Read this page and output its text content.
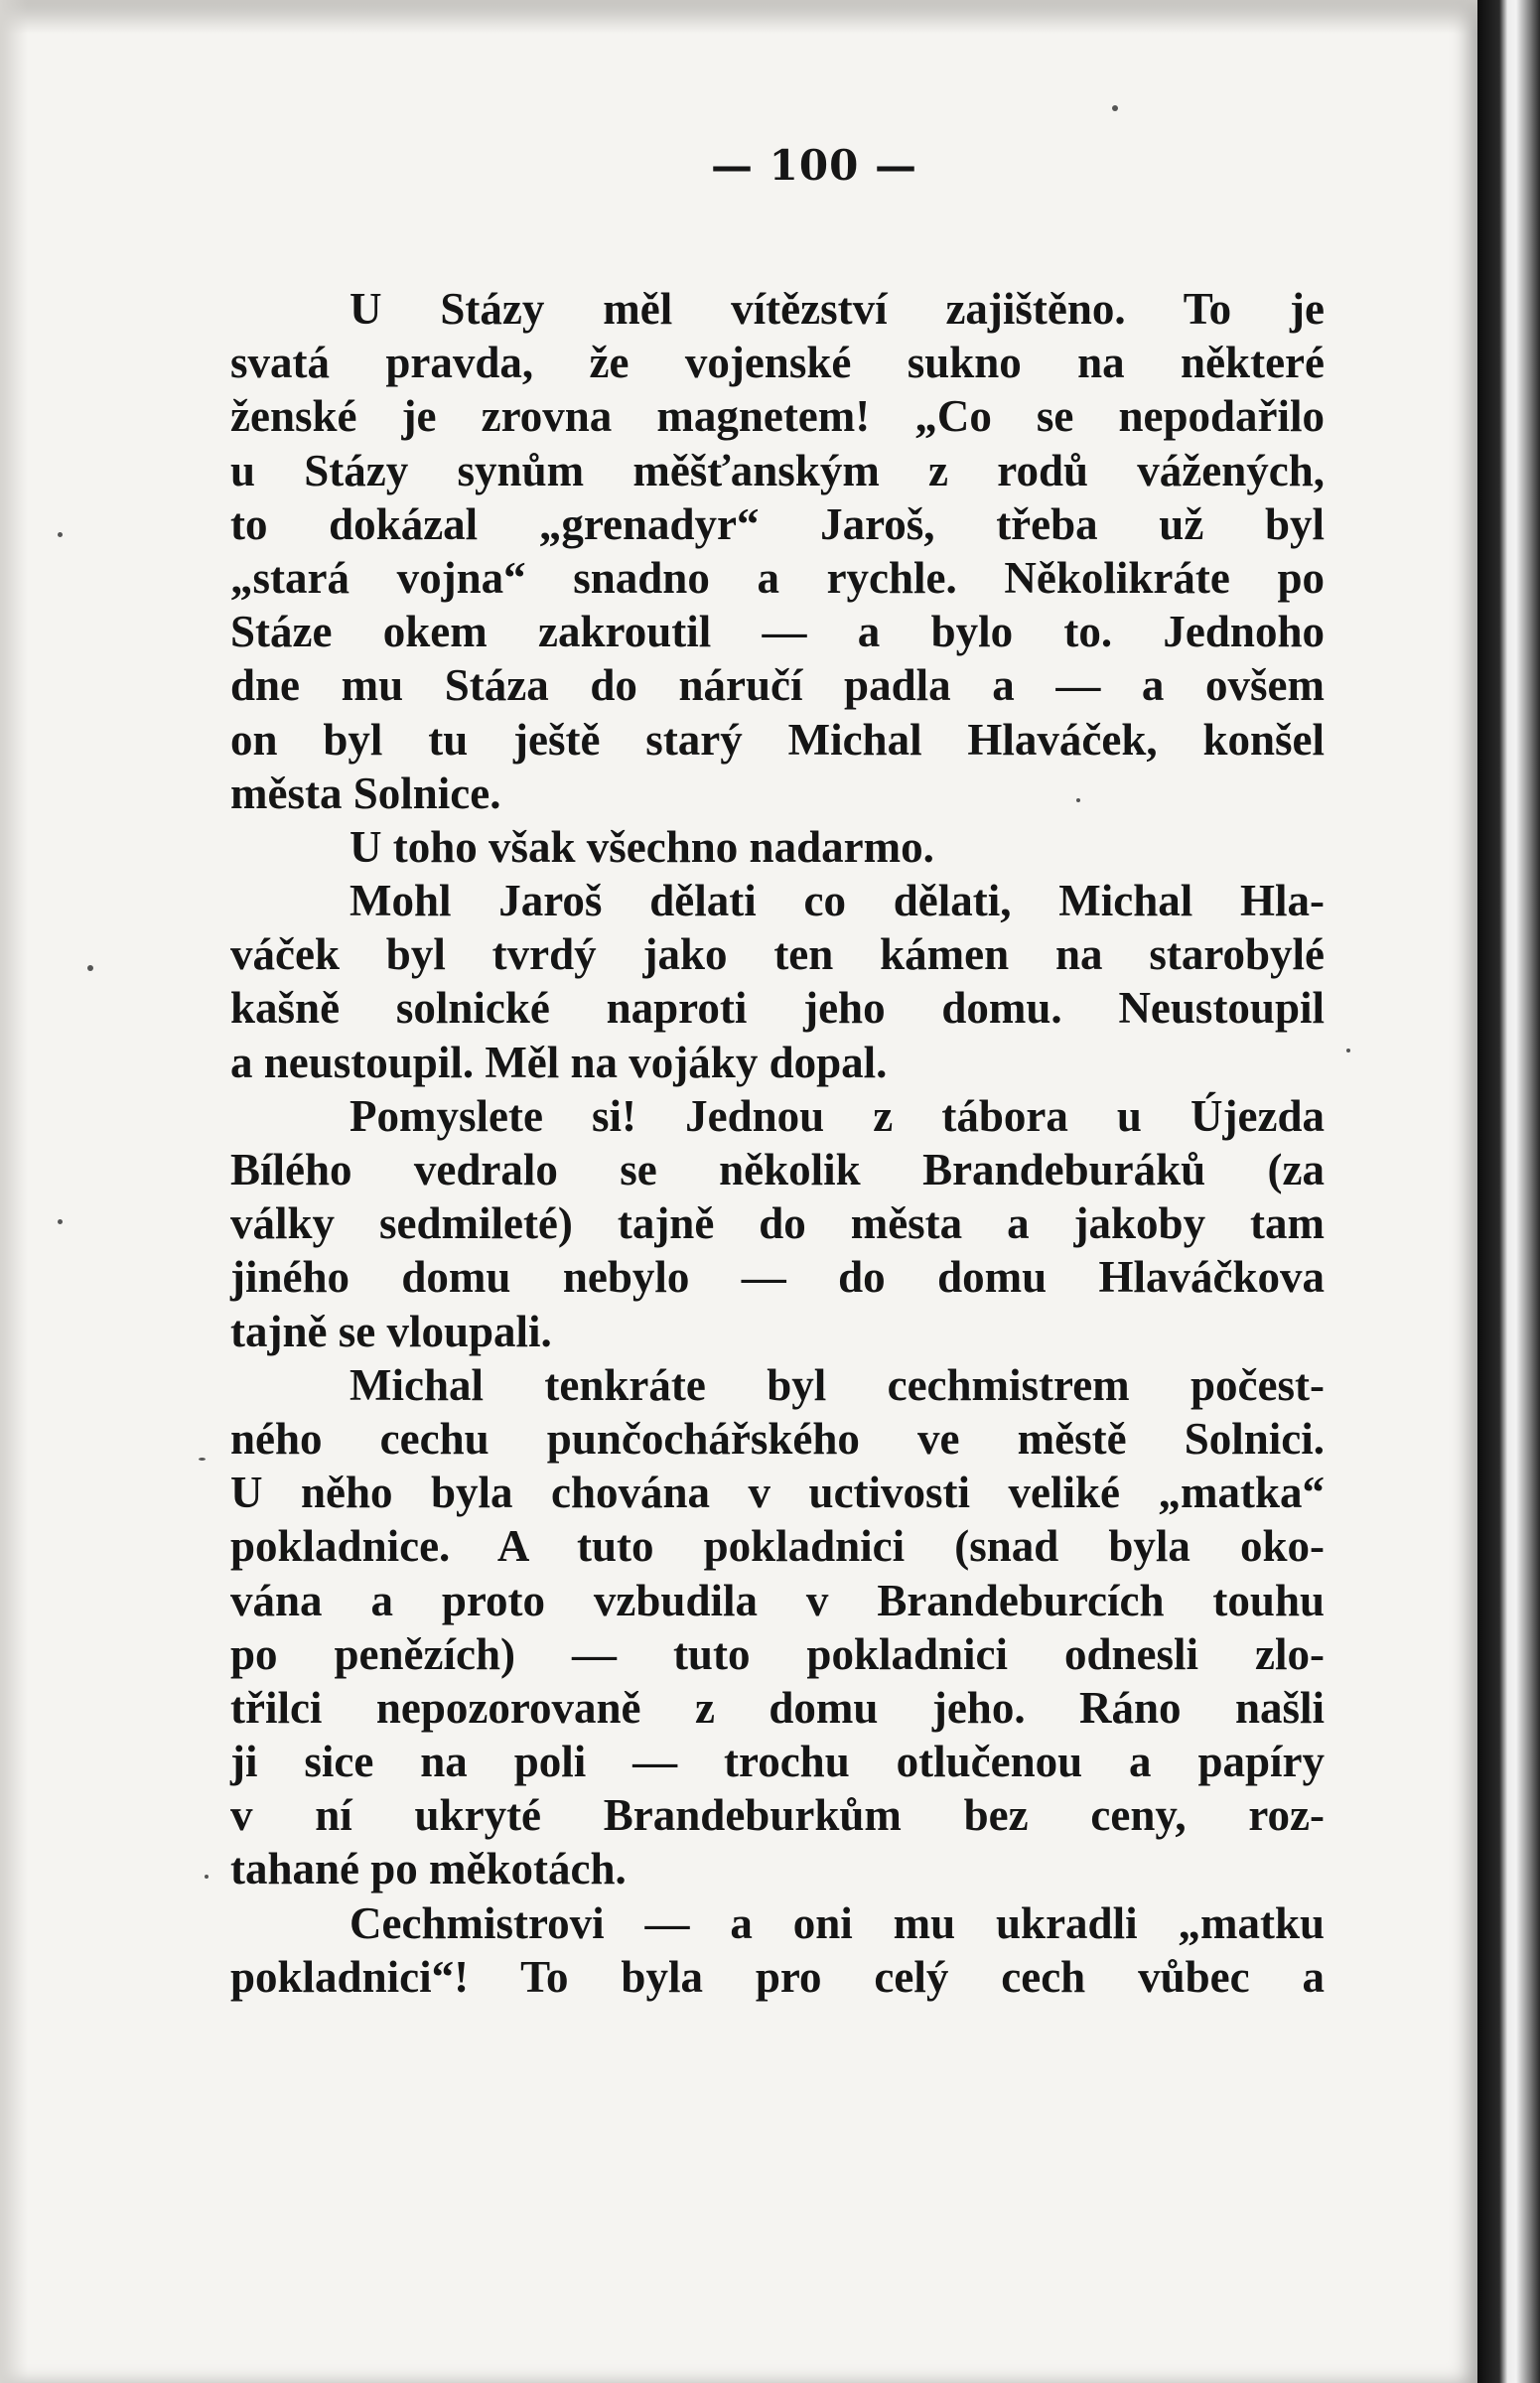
— 100 —
U Stázy měl vítězství zajištěno. To je
svatá pravda, že vojenské sukno na některé
ženské je zrovna magnetem! „Co se nepodařilo
u Stázy synům měšťanským z rodů vážených,
to dokázal „grenadyr“ Jaroš, třeba už byl
„stará vojna“ snadno a rychle. Několikráte po
Stáze okem zakroutil — a bylo to. Jednoho
dne mu Stáza do náručí padla a — a ovšem
on byl tu ještě starý Michal Hlaváček, konšel
města Solnice.
U toho však všechno nadarmo.
Mohl Jaroš dělati co dělati, Michal Hla-
váček byl tvrdý jako ten kámen na starobylé
kašně solnické naproti jeho domu. Neustoupil
a neustoupil. Měl na vojáky dopal.
Pomyslete si! Jednou z tábora u Újezda
Bílého vedralo se několik Brandeburáků (za
války sedmileté) tajně do města a jakoby tam
jiného domu nebylo — do domu Hlaváčkova
tajně se vloupali.
Michal tenkráte byl cechmistrem počest-
ného cechu punčochářského ve městě Solnici.
U něho byla chována v uctivosti veliké „matka“
pokladnice. A tuto pokladnici (snad byla oko-
vána a proto vzbudila v Brandeburcích touhu
po penězích) — tuto pokladnici odnesli zlo-
třilci nepozorovaně z domu jeho. Ráno našli
ji sice na poli — trochu otlučenou a papíry
v ní ukryté Brandeburkům bez ceny, roz-
tahané po měkotách.
Cechmistrovi — a oni mu ukradli „matku
pokladnici“! To byla pro celý cech vůbec a
